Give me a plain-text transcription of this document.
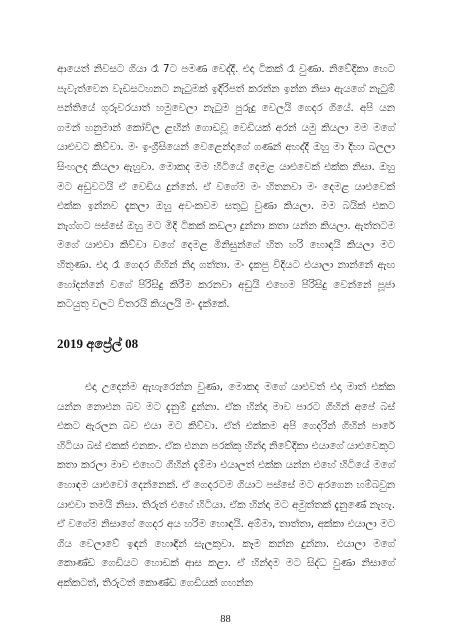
ආයෙත් නිවසට ගියා රෑ 7ට පමණ වෙද්දී. එදා ටිකක් රෑ වුණා. නිවේදිකා හෙට පැවැත්වෙන වැඩසටහනට නැටුමක් ඉදිරිපත් කරන්න ඉන්න නිසා ඇයගේ නැටුම් පන්තියේ ගුරුවරයාත් හමුවෙලා නැටුම පුරුදු වෙලයි ගෙදර ගියේ. අපි යන ගමන් හනුමාන් කෝවිල ළඟින් ගොඩවූ වෙඩියක් අරන් යමු කියලා මම මගේ යාළුවට කිව්වා. මං ඉංග්‍රීසියෙන් වෙළෙන්දාගේ ගණන් අහද්දී ඔහු මා දිහා බලලා සිංහලද කියලා ඇහුවා. මොකද මම හිටියේ දෙමළ යාළුවෙක් එක්ක නිසා. ඔහු මට අඩුවටයි ඒ වෙඩිය දුන්නේ. ඒ වගේම මං හිතනවා මං දෙමළ යාළුවෙක් එක්ක ඉන්නව දැකලා ඔහු අවංකවම සතුටු වුණා කියලා. මම බයික් එකට නැග්ගට පස්සේ ඔහු මට මිදි ටිකක් කඩලා දුන්නා කතා යන්න කියලා. ඇත්තටම මගේ යාළුවා කිව්වා වගේ දෙමළ මිනිසුන්ගේ හිත හරි හොඳයි කියලා මට හිතුණා. එදා රෑ ගෙදර ගිහින් නිදා ගත්තා. මං දැකපු විදියට එයාලා නාන්නේ ඇඟ හෝදන්නේ වගේ පිරිසිදු කිරීම කරනවා අඩුයි එහෙම පිරිසිදු වෙන්නේ පූජා කටයුතු වලට විතරයි කියලයි මං දැක්කේ.
2019 අප්‍රේල් 08
එදා උදෙන්ම ඇහැරෙන්න වුණා, මොකද මගේ යාළුවත් එදා මාත් එක්ක යන්න නොඑන බව මට දැනුම් දුන්නා. ඒක හින්දා මාව පාරට ගිහින් අපේ බස් එකට ඇරලන බව එයා මට කිව්වා. ඒත් එක්කම අපි ගෙදරින් ගිහින් පාරේ හිටියා බස් එකක් එනකං. ඒක එනන පරක්කු හින්දා නිවේදිකා එයාගේ යාළුවෙකුට කතා කරලා මාව එහෙට ගිහින් දැම්මා එයාලත් එක්ක යන්න එහේ හිටියේ මගේ හොඳම යාළුවෝ දෙන්නෙක්. ඒ ගෙදරටම ගියාට පස්සේ මට අරගෙන හම්බවුන යාළුවා තමයි නිසා. තිරුත් එහේ හිටියා. ඒක හින්දා මට අමුත්තක් දැනුණේ නැහැ. ඒ වගේම නිසාගේ ගෙදර අය හරිම හොඳයි. අම්මා, තාත්තා, අක්කා එයාලා මට ගිය වෙලාවේ ඉඳන් හොඳින් සැලකුවා. කෑම කන්න දුන්නා. එයාලා මගේ කොණ්ඩ ගෙඩියට හොඩක් ආස කළා. ඒ හින්දම මට සිද්ධ වුණා නිසාගේ අක්කටත්, තිරුටත් කොණ්ඩ ගෙඩියක් ගහන්න
88
